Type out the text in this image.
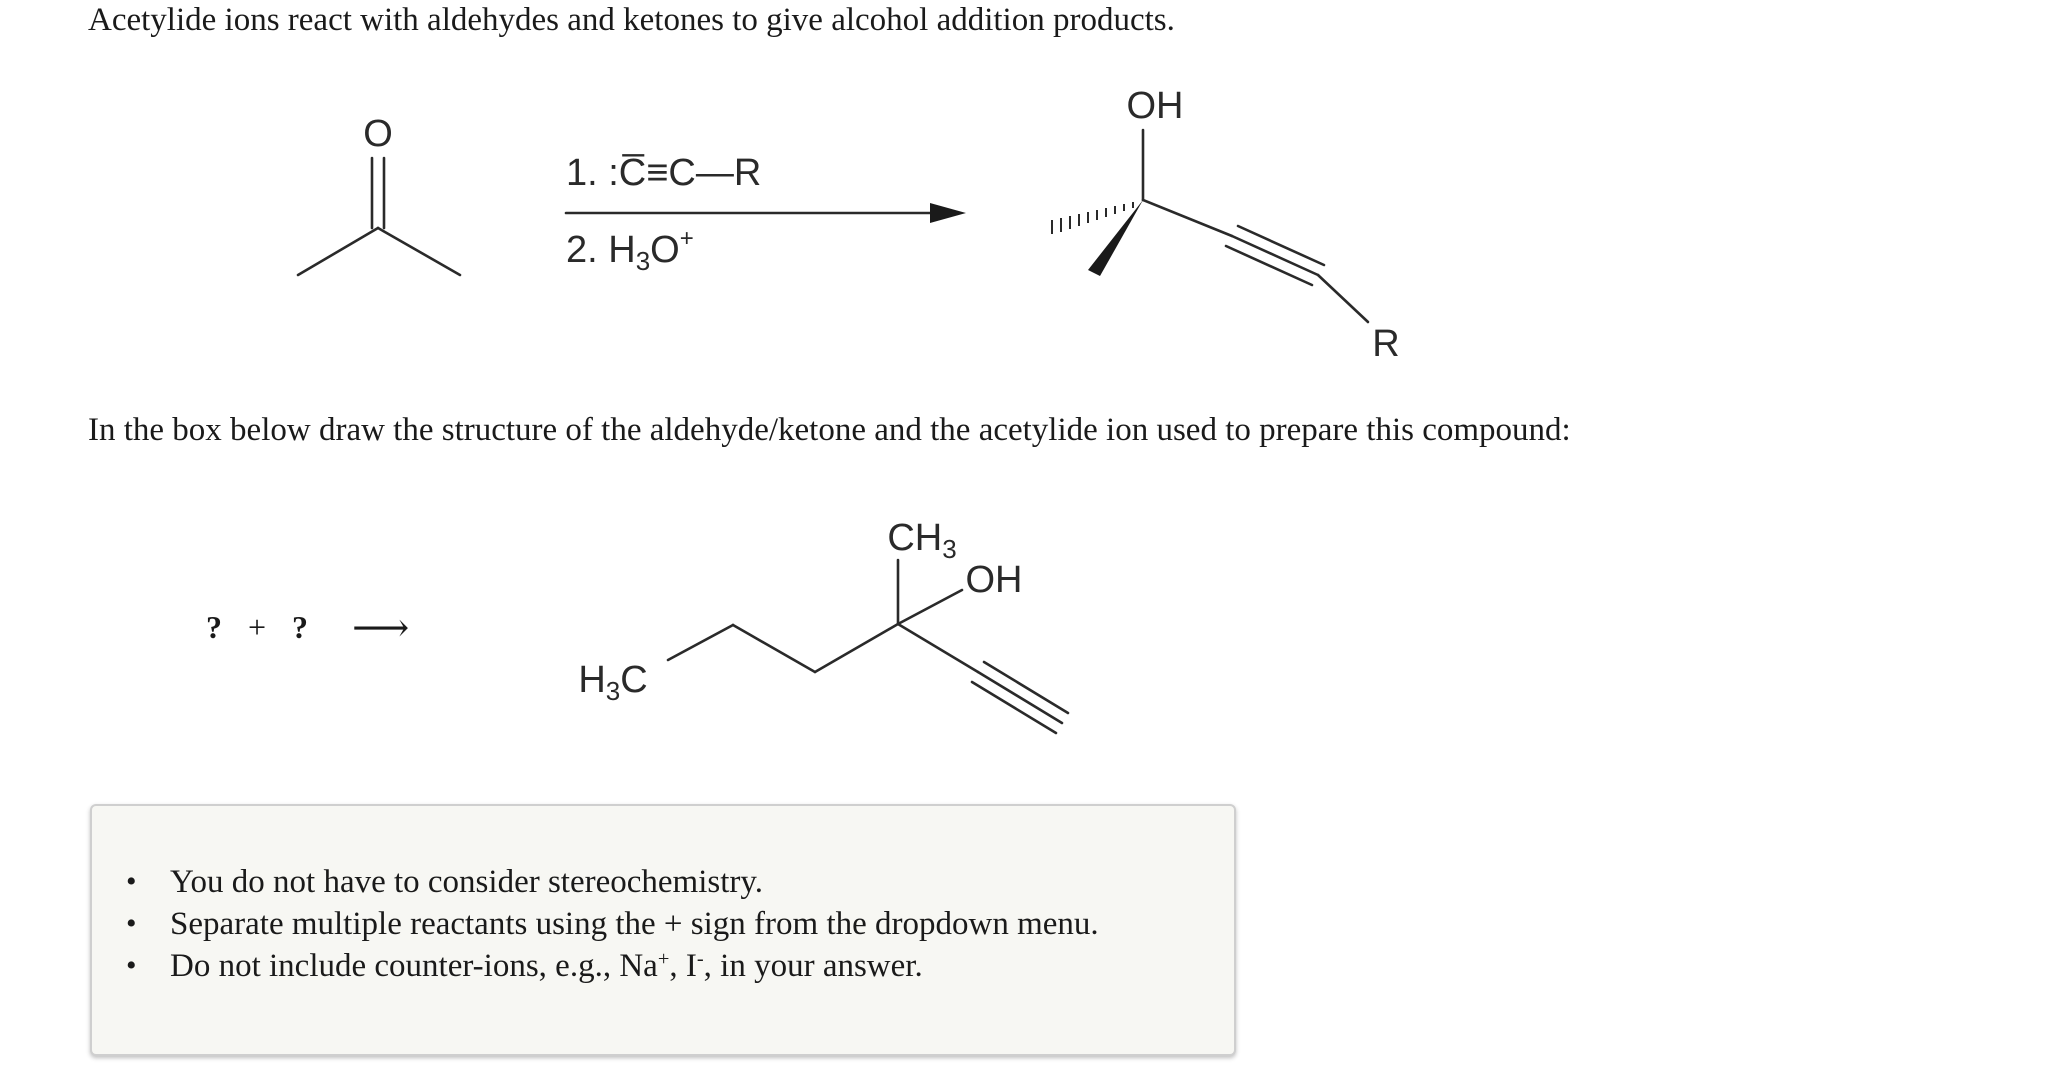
Acetylide ions react with aldehydes and ketones to give alcohol addition products.
O
1. :C̅≡C—R
2. $H_3O^+$
OH
R
In the box below draw the structure of the aldehyde/ketone and the acetylide ion used to prepare this compound:
? + ? ⟶
$CH_3$
OH
$H_3C$
• You do not have to consider stereochemistry.
• Separate multiple reactants using the + sign from the dropdown menu.
• Do not include counter-ions, e.g., Na+, I-, in your answer.
